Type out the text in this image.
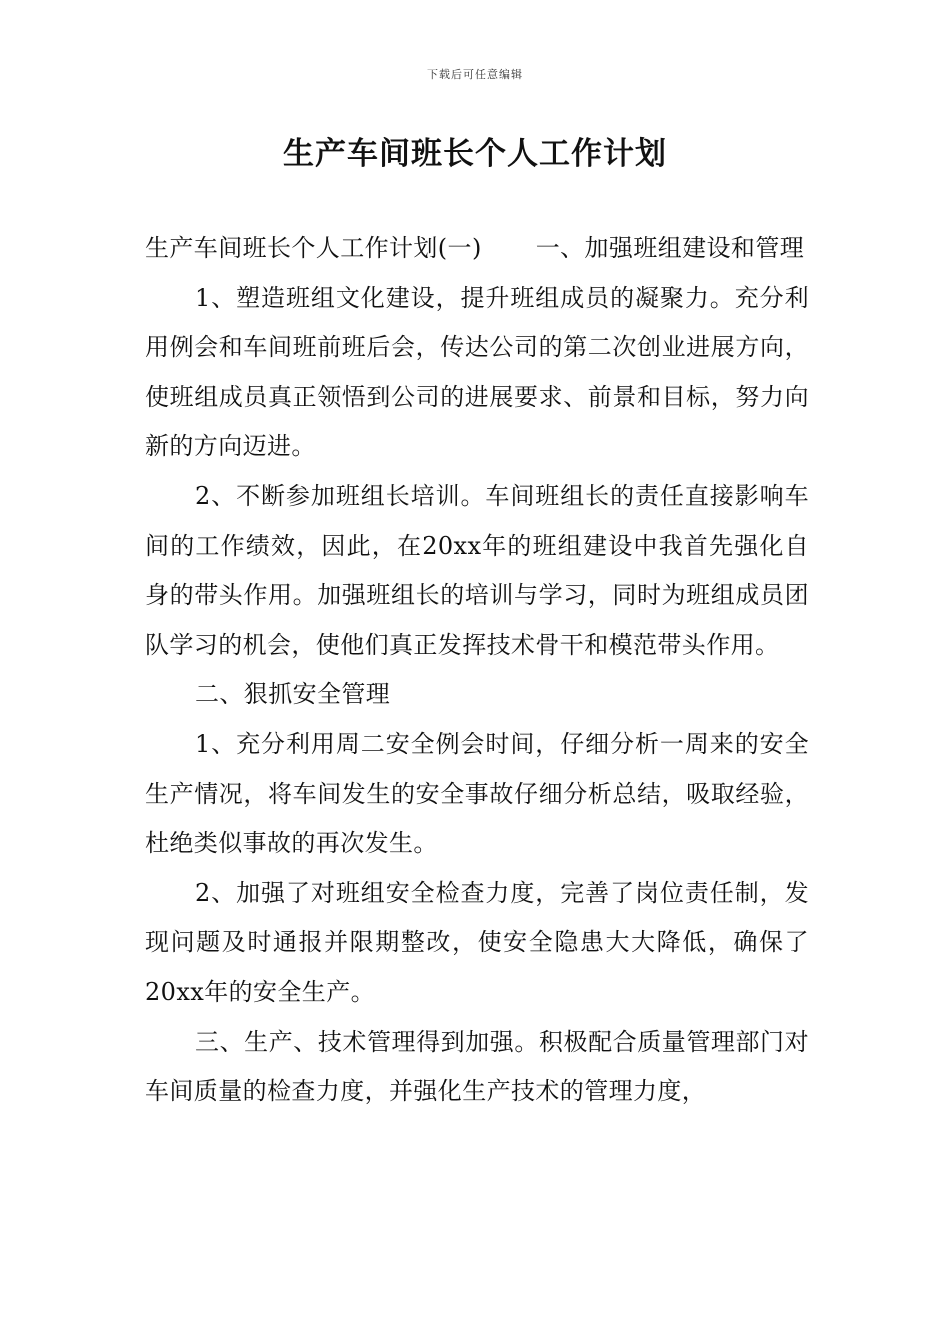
下载后可任意编辑
生产车间班长个人工作计划

生产车间班长个人工作计划(一) 一、加强班组建设和管理

1、塑造班组文化建设，提升班组成员的凝聚力。充分利用例会和车间班前班后会，传达公司的第二次创业进展方向，使班组成员真正领悟到公司的进展要求、前景和目标，努力向新的方向迈进。

2、不断参加班组长培训。车间班组长的责任直接影响车间的工作绩效，因此，在20xx年的班组建设中我首先强化自身的带头作用。加强班组长的培训与学习，同时为班组成员团队学习的机会，使他们真正发挥技术骨干和模范带头作用。

二、狠抓安全管理

1、充分利用周二安全例会时间，仔细分析一周来的安全生产情况，将车间发生的安全事故仔细分析总结，吸取经验，杜绝类似事故的再次发生。

2、加强了对班组安全检查力度，完善了岗位责任制，发现问题及时通报并限期整改，使安全隐患大大降低，确保了20xx年的安全生产。

三、生产、技术管理得到加强。积极配合质量管理部门对车间质量的检查力度，并强化生产技术的管理力度，
